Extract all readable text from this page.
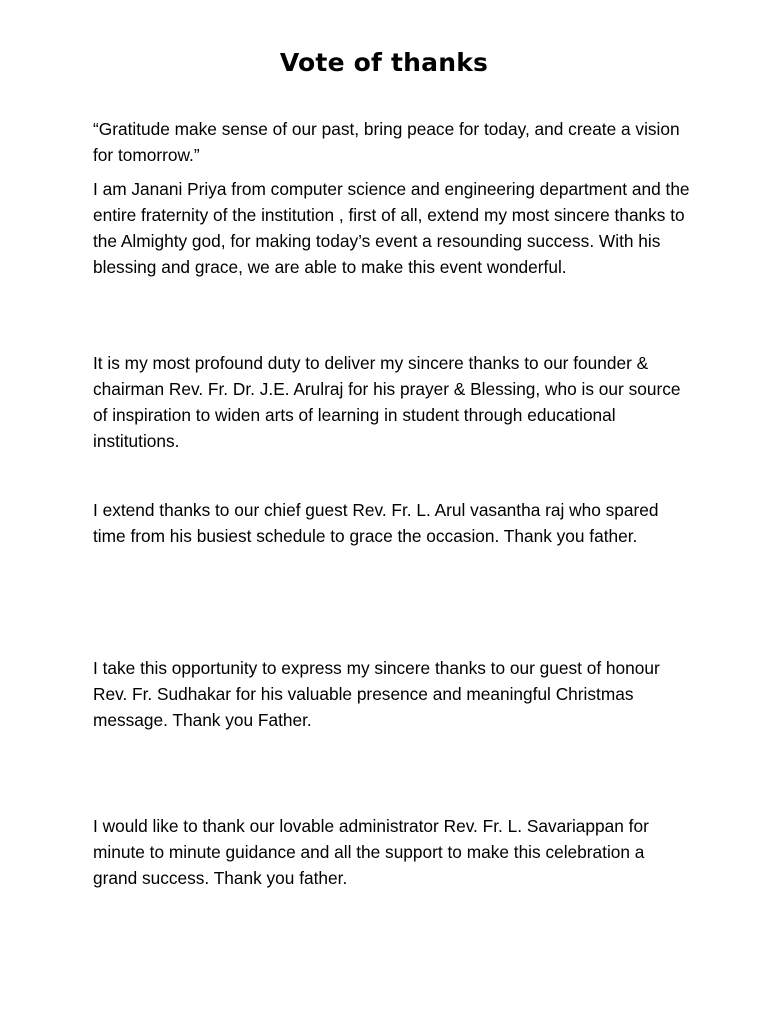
Vote of thanks

“Gratitude make sense of our past, bring peace for today, and create a vision for tomorrow.”

I am Janani Priya from computer science and engineering department and the entire fraternity of the institution , first of all, extend my most sincere thanks to the Almighty god, for making today’s event a resounding success. With his blessing and grace, we are able to make this event wonderful.

It is my most profound duty to deliver my sincere thanks to our founder & chairman Rev. Fr. Dr. J.E. Arulraj for his prayer & Blessing, who is our source of inspiration to widen arts of learning in student through educational institutions.

I extend thanks to our chief guest Rev. Fr. L. Arul vasantha raj who spared time from his busiest schedule to grace the occasion. Thank you father.

I take this opportunity to express my sincere thanks to our guest of honour Rev. Fr. Sudhakar for his valuable presence and meaningful Christmas message. Thank you Father.

I would like to thank our lovable administrator Rev. Fr. L. Savariappan for minute to minute guidance and all the support to make this celebration a grand success. Thank you father.
